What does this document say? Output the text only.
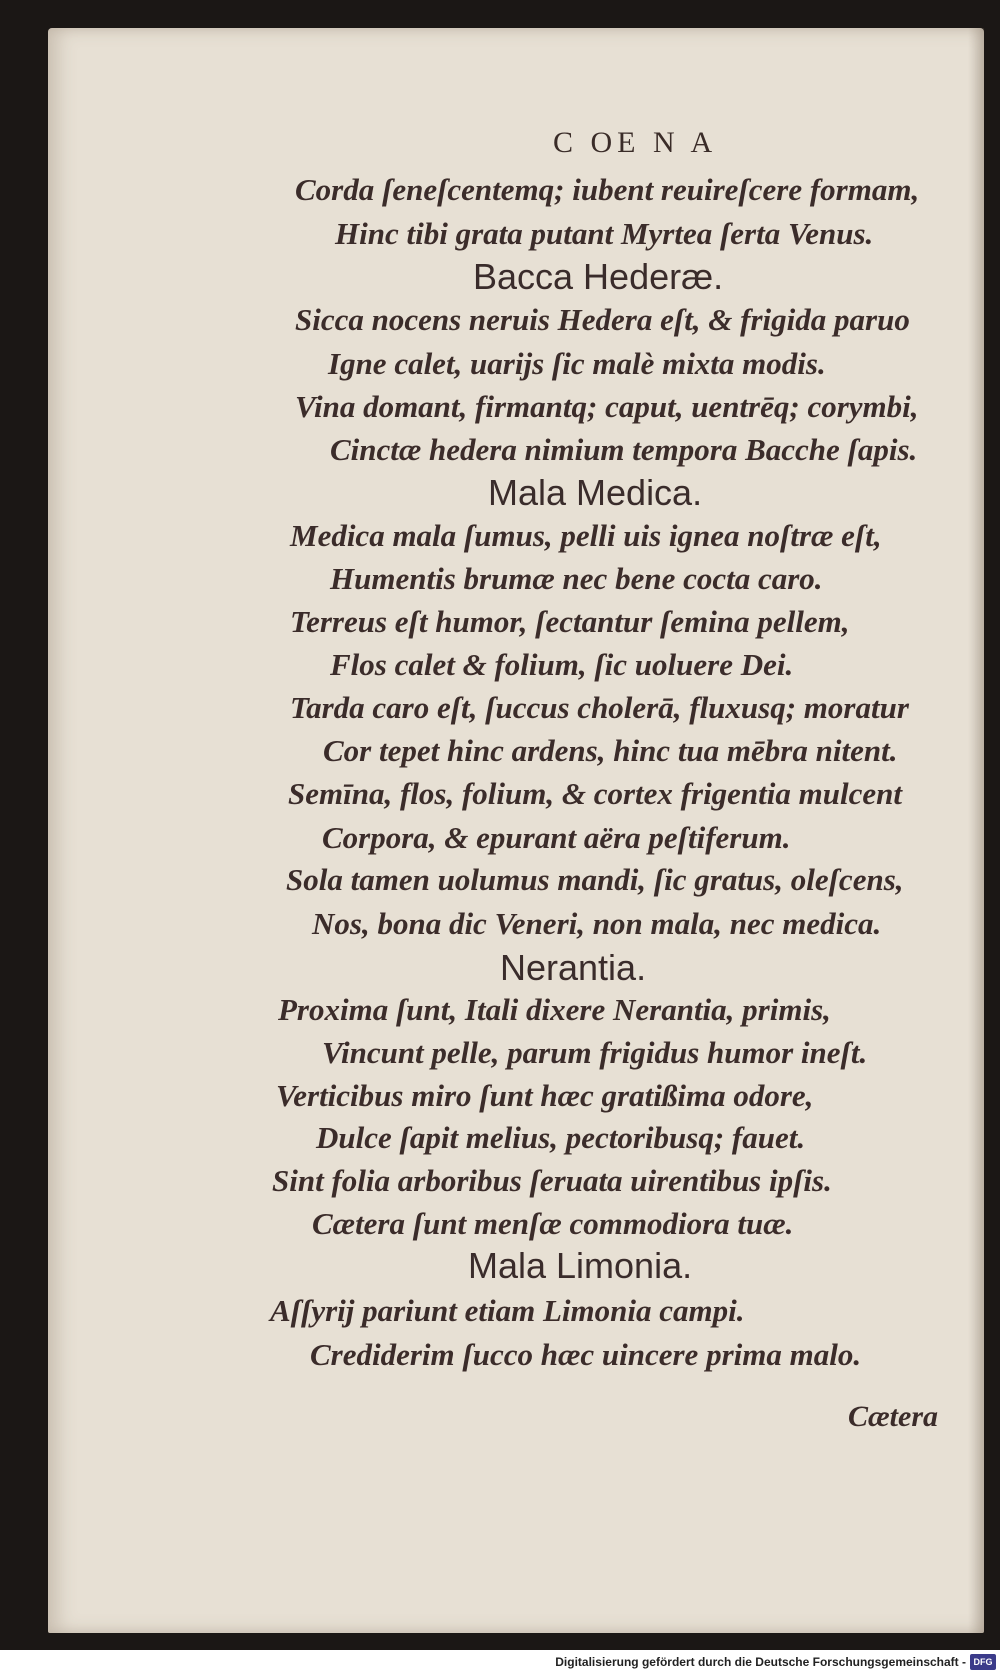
C OE N A
Corda ſeneſcentemq; iubent reuireſcere formam,
Hinc tibi grata putant Myrtea ſerta Venus.
Bacca Hederæ.
Sicca nocens neruis Hedera eſt, & frigida paruo
Igne calet, uarijs ſic malè mixta modis.
Vina domant, firmantq; caput, uentrēq; corymbi,
Cinctæ hedera nimium tempora Bacche ſapis.
Mala Medica.
Medica mala ſumus, pelli uis ignea noſtræ eſt,
Humentis brumæ nec bene cocta caro.
Terreus eſt humor, ſectantur ſemina pellem,
Flos calet & folium, ſic uoluere Dei.
Tarda caro eſt, ſuccus cholerā, fluxusq; moratur
Cor tepet hinc ardens, hinc tua mēbra nitent.
Semīna, flos, folium, & cortex frigentia mulcent
Corpora, & epurant aëra peſtiferum.
Sola tamen uolumus mandi, ſic gratus, oleſcens,
Nos, bona dic Veneri, non mala, nec medica.
Nerantia.
Proxima ſunt, Itali dixere Nerantia, primis,
Vincunt pelle, parum frigidus humor ineſt.
Verticibus miro ſunt hæc gratißima odore,
Dulce ſapit melius, pectoribusq; fauet.
Sint folia arboribus ſeruata uirentibus ipſis.
Cætera ſunt menſæ commodiora tuæ.
Mala Limonia.
Aſſyrij pariunt etiam Limonia campi.
Crediderim ſucco hæc uincere prima malo.
Cætera
Digitalisierung gefördert durch die Deutsche Forschungsgemeinschaft - DFG
